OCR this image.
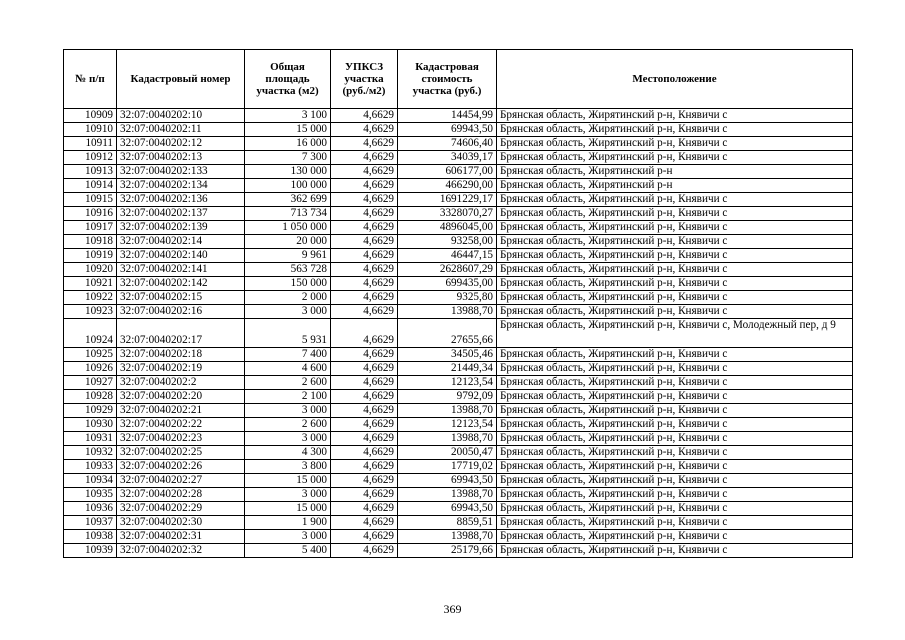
№ п/п	Кадастровый номер	Общая площадь участка (м2)	УПКСЗ участка (руб./м2)	Кадастровая стоимость участка (руб.)	Местоположение
10909	32:07:0040202:10	3 100	4,6629	14454,99	Брянская область, Жирятинский р-н, Княвичи с
10910	32:07:0040202:11	15 000	4,6629	69943,50	Брянская область, Жирятинский р-н, Княвичи с
10911	32:07:0040202:12	16 000	4,6629	74606,40	Брянская область, Жирятинский р-н, Княвичи с
10912	32:07:0040202:13	7 300	4,6629	34039,17	Брянская область, Жирятинский р-н, Княвичи с
10913	32:07:0040202:133	130 000	4,6629	606177,00	Брянская область, Жирятинский р-н
10914	32:07:0040202:134	100 000	4,6629	466290,00	Брянская область, Жирятинский р-н
10915	32:07:0040202:136	362 699	4,6629	1691229,17	Брянская область, Жирятинский р-н, Княвичи с
10916	32:07:0040202:137	713 734	4,6629	3328070,27	Брянская область, Жирятинский р-н, Княвичи с
10917	32:07:0040202:139	1 050 000	4,6629	4896045,00	Брянская область, Жирятинский р-н, Княвичи с
10918	32:07:0040202:14	20 000	4,6629	93258,00	Брянская область, Жирятинский р-н, Княвичи с
10919	32:07:0040202:140	9 961	4,6629	46447,15	Брянская область, Жирятинский р-н, Княвичи с
10920	32:07:0040202:141	563 728	4,6629	2628607,29	Брянская область, Жирятинский р-н, Княвичи с
10921	32:07:0040202:142	150 000	4,6629	699435,00	Брянская область, Жирятинский р-н, Княвичи с
10922	32:07:0040202:15	2 000	4,6629	9325,80	Брянская область, Жирятинский р-н, Княвичи с
10923	32:07:0040202:16	3 000	4,6629	13988,70	Брянская область, Жирятинский р-н, Княвичи с
10924	32:07:0040202:17	5 931	4,6629	27655,66	Брянская область, Жирятинский р-н, Княвичи с, Молодежный пер, д 9
10925	32:07:0040202:18	7 400	4,6629	34505,46	Брянская область, Жирятинский р-н, Княвичи с
10926	32:07:0040202:19	4 600	4,6629	21449,34	Брянская область, Жирятинский р-н, Княвичи с
10927	32:07:0040202:2	2 600	4,6629	12123,54	Брянская область, Жирятинский р-н, Княвичи с
10928	32:07:0040202:20	2 100	4,6629	9792,09	Брянская область, Жирятинский р-н, Княвичи с
10929	32:07:0040202:21	3 000	4,6629	13988,70	Брянская область, Жирятинский р-н, Княвичи с
10930	32:07:0040202:22	2 600	4,6629	12123,54	Брянская область, Жирятинский р-н, Княвичи с
10931	32:07:0040202:23	3 000	4,6629	13988,70	Брянская область, Жирятинский р-н, Княвичи с
10932	32:07:0040202:25	4 300	4,6629	20050,47	Брянская область, Жирятинский р-н, Княвичи с
10933	32:07:0040202:26	3 800	4,6629	17719,02	Брянская область, Жирятинский р-н, Княвичи с
10934	32:07:0040202:27	15 000	4,6629	69943,50	Брянская область, Жирятинский р-н, Княвичи с
10935	32:07:0040202:28	3 000	4,6629	13988,70	Брянская область, Жирятинский р-н, Княвичи с
10936	32:07:0040202:29	15 000	4,6629	69943,50	Брянская область, Жирятинский р-н, Княвичи с
10937	32:07:0040202:30	1 900	4,6629	8859,51	Брянская область, Жирятинский р-н, Княвичи с
10938	32:07:0040202:31	3 000	4,6629	13988,70	Брянская область, Жирятинский р-н, Княвичи с
10939	32:07:0040202:32	5 400	4,6629	25179,66	Брянская область, Жирятинский р-н, Княвичи с
369
